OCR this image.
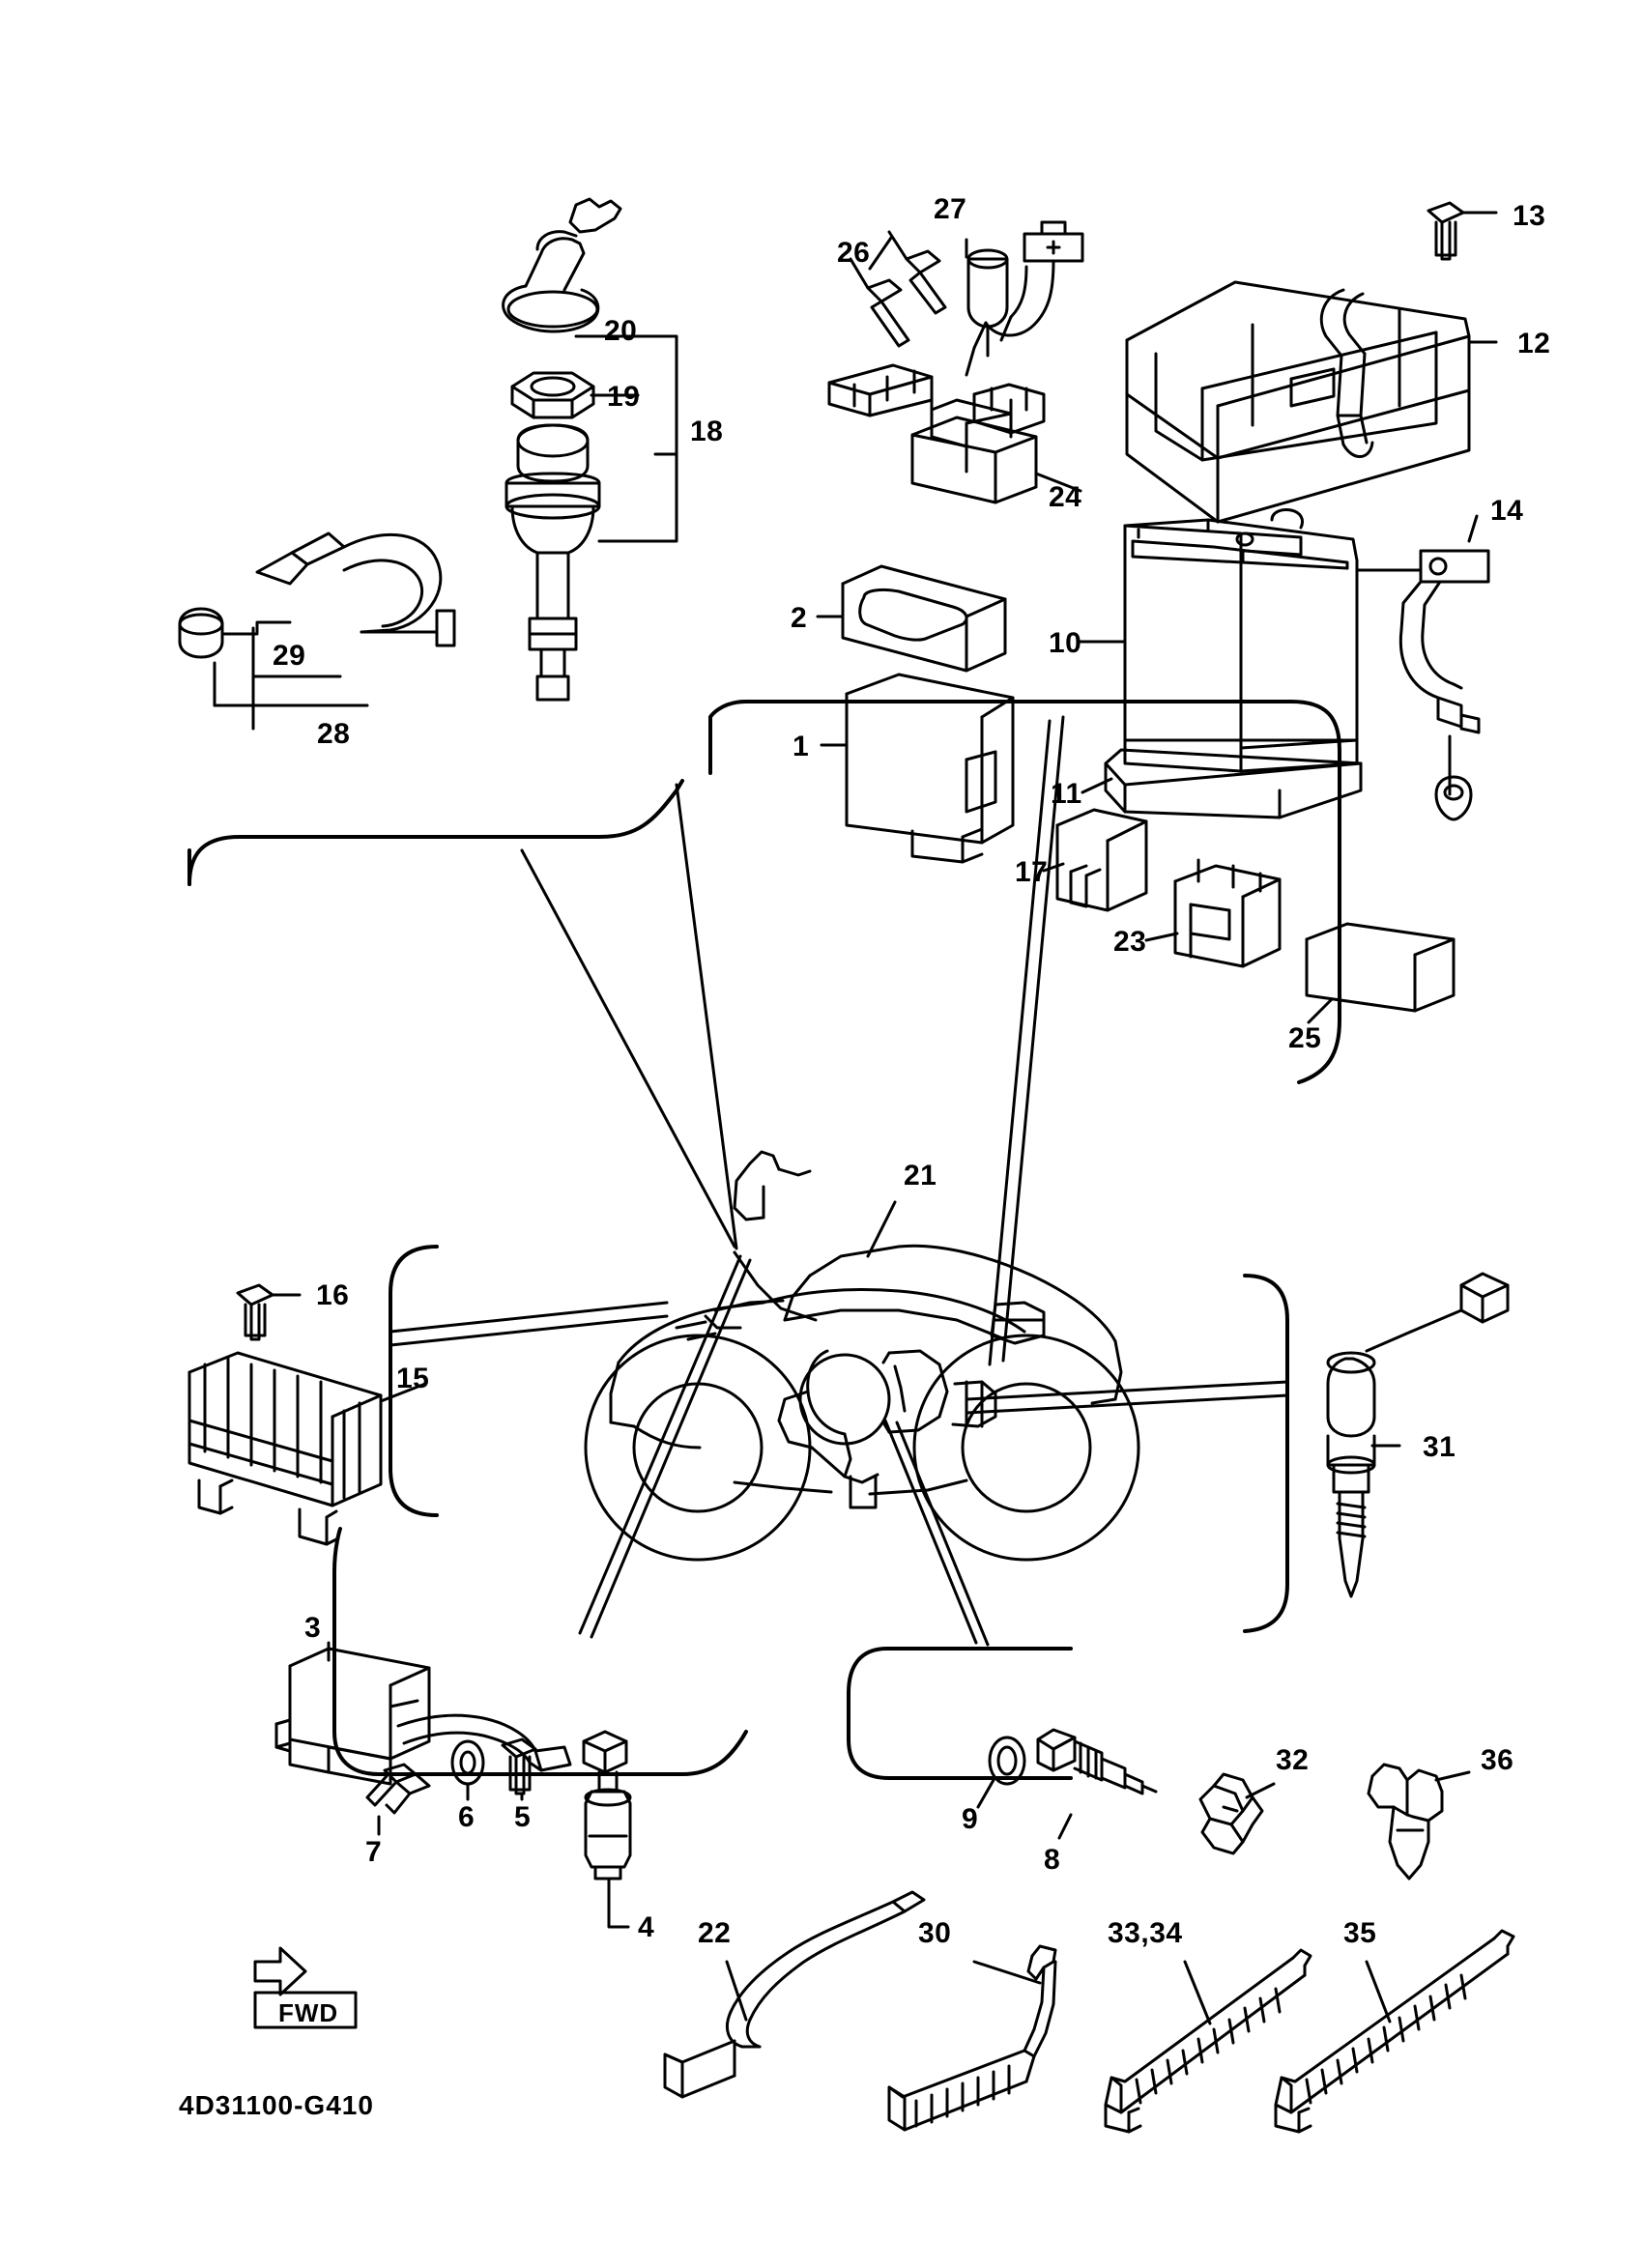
20
19
18
29
28
26
27	13
12
24	14
2
10
1
11
17
23
25
21
16
15
31
3
6 5
7
4
9
8
32	36
22	30	33,34	35
FWD
4D31100-G410
